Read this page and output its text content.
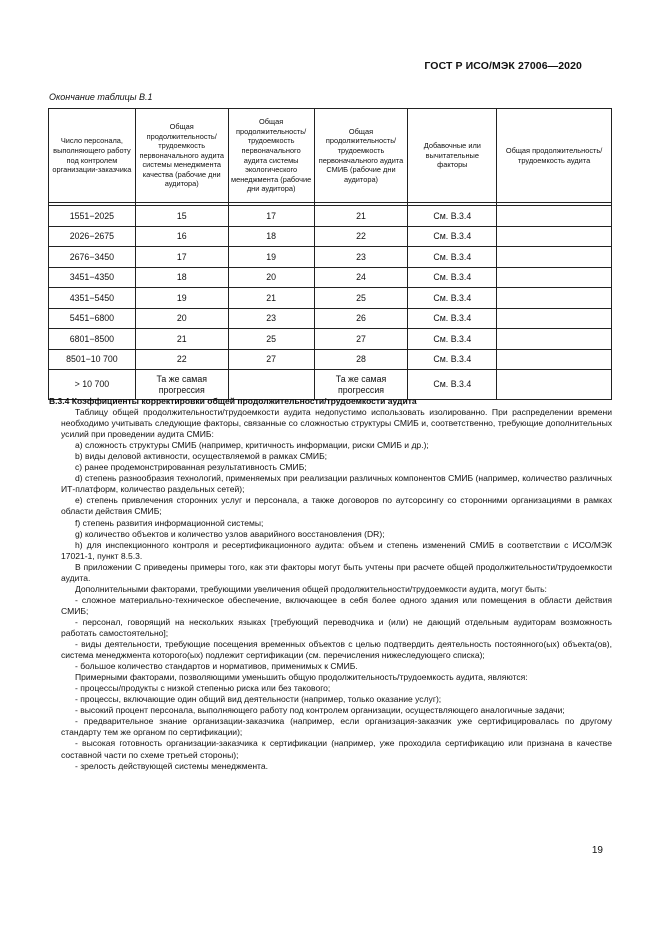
ГОСТ Р ИСО/МЭК 27006—2020
Окончание таблицы В.1
Число персонала, выполняющего работу под контролем организации-заказчика	Общая продолжительность/ трудоемкость первоначального аудита системы менеджмента качества (рабочие дни аудитора)	Общая продолжительность/трудоемкость первоначального аудита системы экологического менеджмента (рабочие дни аудитора)	Общая продолжительность/трудоемкость первоначального аудита СМИБ (рабочие дни аудитора)	Добавочные или вычитательные факторы	Общая продолжительность/трудоемкость аудита

1551−2025	15	17	21	См. В.3.4	
2026−2675	16	18	22	См. В.3.4	
2676−3450	17	19	23	См. В.3.4	
3451−4350	18	20	24	См. В.3.4	
4351−5450	19	21	25	См. В.3.4	
5451−6800	20	23	26	См. В.3.4	
6801−8500	21	25	27	См. В.3.4	
8501−10 700	22	27	28	См. В.3.4	
> 10 700	Та же самая прогрессия		Та же самая прогрессия	См. В.3.4	

В.3.4 Коэффициенты корректировки общей продолжительности/трудоемкости аудита

Таблицу общей продолжительности/трудоемкости аудита недопустимо использовать изолированно. При распределении времени необходимо учитывать следующие факторы, связанные со сложностью структуры СМИБ и, соответственно, требующие дополнительных усилий при проведении аудита СМИБ:

a) сложность структуры СМИБ (например, критичность информации, риски СМИБ и др.);

b) виды деловой активности, осуществляемой в рамках СМИБ;

c) ранее продемонстрированная результативность СМИБ;

d) степень разнообразия технологий, применяемых при реализации различных компонентов СМИБ (например, количество различных ИТ-платформ, количество раздельных сетей);

e) степень привлечения сторонних услуг и персонала, а также договоров по аутсорсингу со сторонними организациями в рамках области действия СМИБ;

f) степень развития информационной системы;

g) количество объектов и количество узлов аварийного восстановления (DR);

h) для инспекционного контроля и ресертификационного аудита: объем и степень изменений СМИБ в соответствии с ИСО/МЭК 17021-1, пункт 8.5.3.

В приложении С приведены примеры того, как эти факторы могут быть учтены при расчете общей продолжительности/трудоемкости аудита.

Дополнительными факторами, требующими увеличения общей продолжительности/трудоемкости аудита, могут быть:

- сложное материально-техническое обеспечение, включающее в себя более одного здания или помещения в области действия СМИБ;

- персонал, говорящий на нескольких языках [требующий переводчика и (или) не дающий отдельным аудиторам возможность работать самостоятельно];

- виды деятельности, требующие посещения временных объектов с целью подтвердить деятельность постоянного(ых) объекта(ов), система менеджмента которого(ых) подлежит сертификации (см. перечисления нижеследующего списка);

- большое количество стандартов и нормативов, применимых к СМИБ.

Примерными факторами, позволяющими уменьшить общую продолжительность/трудоемкость аудита, являются:

- процессы/продукты с низкой степенью риска или без такового;

- процессы, включающие один общий вид деятельности (например, только оказание услуг);

- высокий процент персонала, выполняющего работу под контролем организации, осуществляющего аналогичные задачи;

- предварительное знание организации-заказчика (например, если организация-заказчик уже сертифицировалась по другому стандарту тем же органом по сертификации);

- высокая готовность организации-заказчика к сертификации (например, уже проходила сертификацию или признана в качестве составной части по схеме третьей стороны);

- зрелость действующей системы менеджмента.

19
